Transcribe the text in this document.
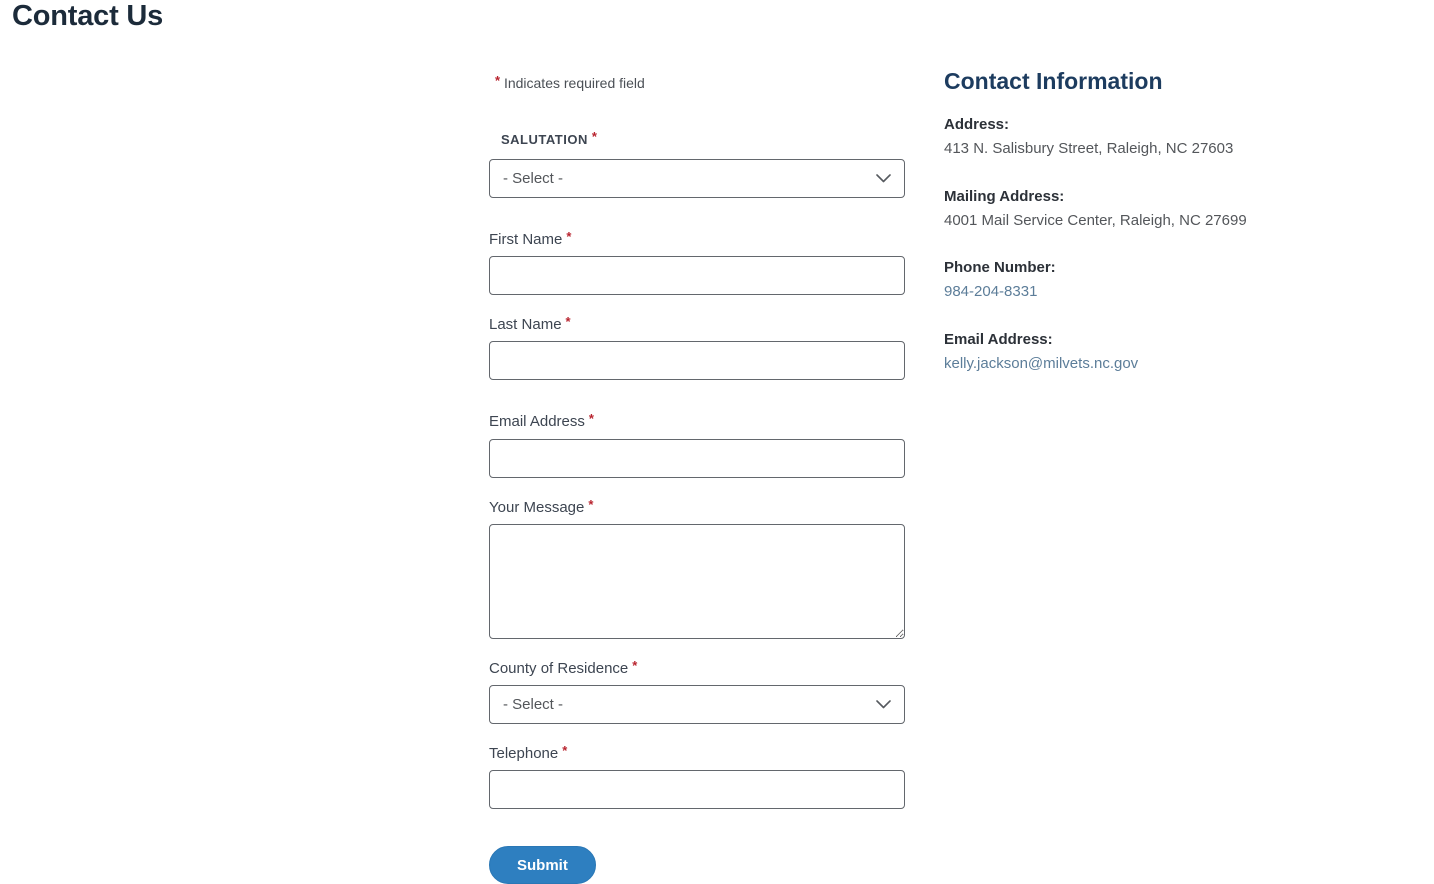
Contact Us
* Indicates required field
SALUTATION *
- Select -
First Name *
Last Name *
Email Address *
Your Message *
County of Residence *
- Select -
Telephone *
Submit
Contact Information
Address:
413 N. Salisbury Street, Raleigh, NC 27603
Mailing Address:
4001 Mail Service Center, Raleigh, NC 27699
Phone Number:
984-204-8331
Email Address:
kelly.jackson@milvets.nc.gov
